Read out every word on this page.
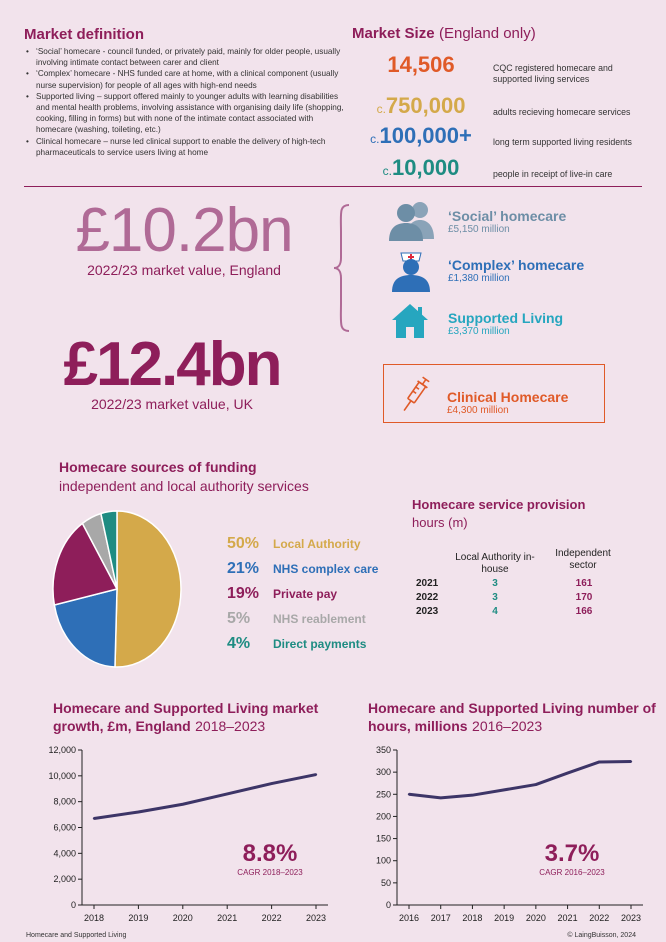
Market definition
• ‘Social’ homecare - council funded, or privately paid, mainly for older people, usually involving intimate contact between carer and client
• ‘Complex’ homecare - NHS funded care at home, with a clinical component (usually nurse supervision) for people of all ages with high-end needs
• Supported living – support offered mainly to younger adults with learning disabilities and mental health problems, involving assistance with organising daily life (shopping, cooking, filling in forms) but with none of the intimate contact associated with homecare (washing, toileting, etc.)
• Clinical homecare – nurse led clinical support to enable the delivery of high-tech pharmaceuticals to service users living at home
Market Size (England only)
14,506	CQC registered homecare and supported living services
c.750,000	adults recieving homecare services
c.100,000+	long term supported living residents
c.10,000	people in receipt of live-in care
£10.2bn
2022/23 market value, England
£12.4bn
2022/23 market value, UK
‘Social’ homecare
£5,150 million
‘Complex’ homecare
£1,380 million
Supported Living
£3,370 million
Clinical Homecare
£4,300 million
Homecare sources of funding
independent and local authority services
50%	Local Authority
21%	NHS complex care
19%	Private pay
5%	NHS reablement
4%	Direct payments
Homecare service provision
hours (m)
Local Authority in-house
Independent sector
2021	3	161
2022	3	170
2023	4	166
Homecare and Supported Living market growth, £m, England 2018–2023
0
2,000
4,000
6,000
8,000
10,000
12,000
2018	2019	2020	2021	2022	2023
8.8%
CAGR 2018–2023
Homecare and Supported Living number of hours, millions 2016–2023
0
50
100
150
200
250
300
350
2016 2017 2018 2019 2020 2021 2022 2023
3.7%
CAGR 2016–2023
Homecare and Supported Living	© LaingBuisson, 2024
